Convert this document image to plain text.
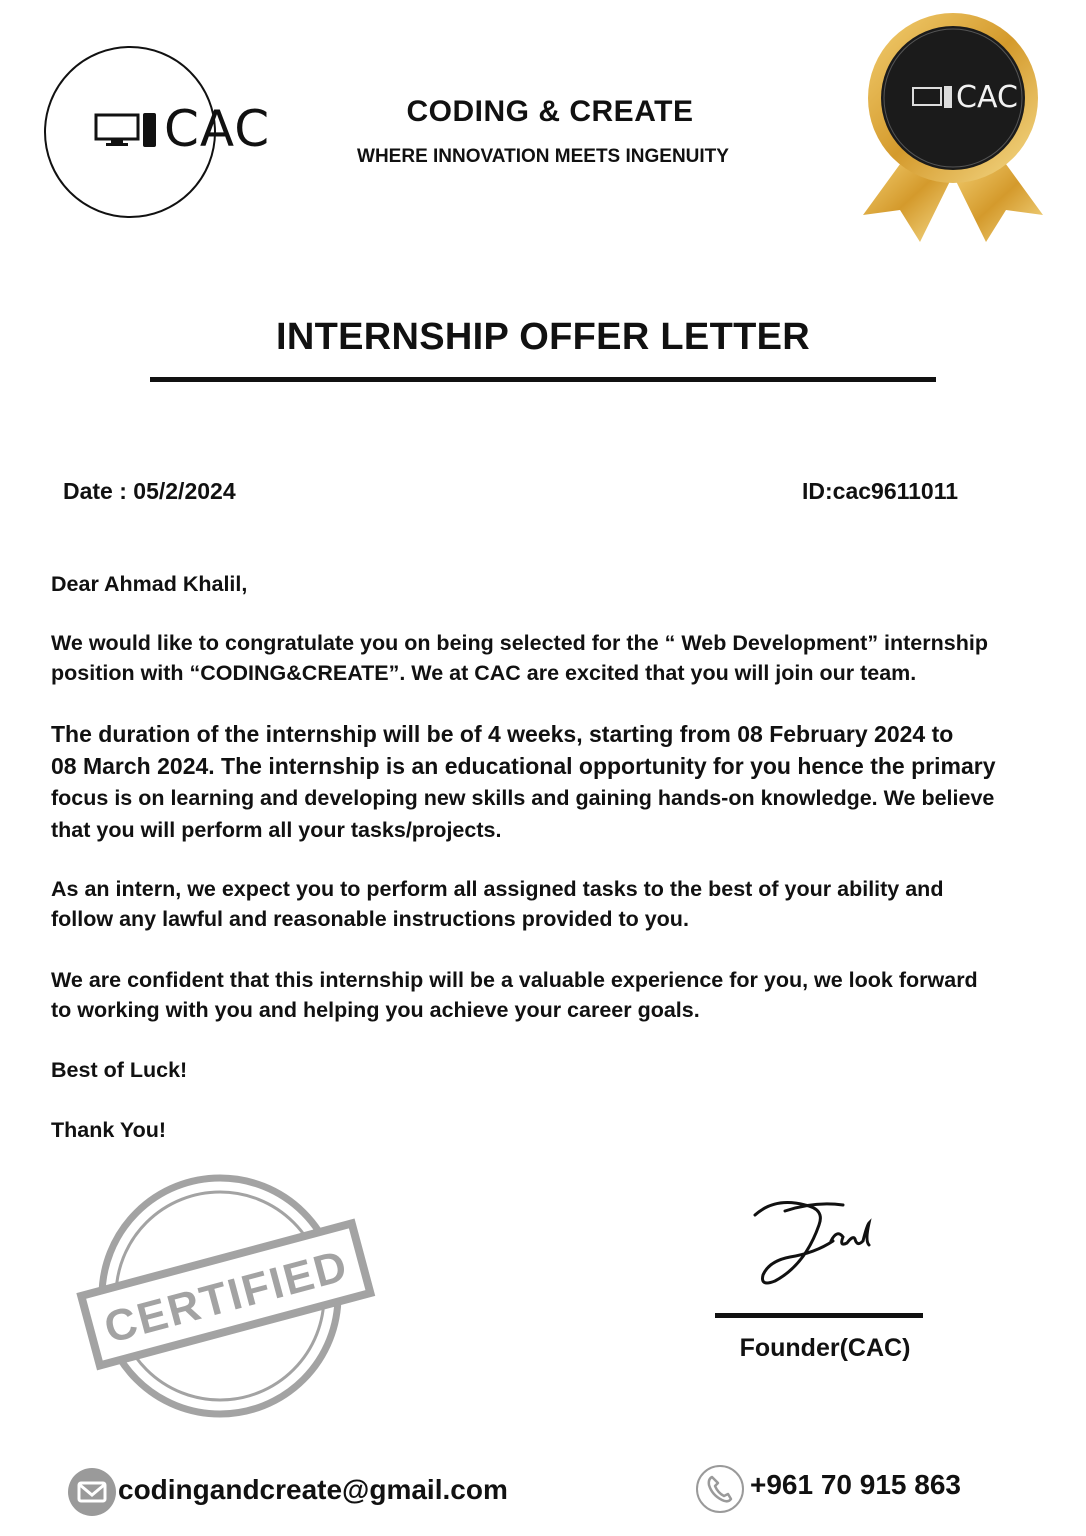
CAC	CODING & CREATE
WHERE INNOVATION MEETS INGENUITY
CAC
INTERNSHIP OFFER LETTER
Date : 05/2/2024	ID:cac9611011
Dear Ahmad Khalil,
We would like to congratulate you on being selected for the “ Web Development” internship
position with “CODING&CREATE”. We at CAC are excited that you will join our team.
The duration of the internship will be of 4 weeks, starting from 08 February 2024 to
08 March 2024. The internship is an educational opportunity for you hence the primary
focus is on learning and developing new skills and gaining hands-on knowledge. We believe
that you will perform all your tasks/projects.
As an intern, we expect you to perform all assigned tasks to the best of your ability and
follow any lawful and reasonable instructions provided to you.
We are confident that this internship will be a valuable experience for you, we look forward
to working with you and helping you achieve your career goals.
Best of Luck!
Thank You!
CERTIFIED	Founder(CAC)
codingandcreate@gmail.com	+961 70 915 863
